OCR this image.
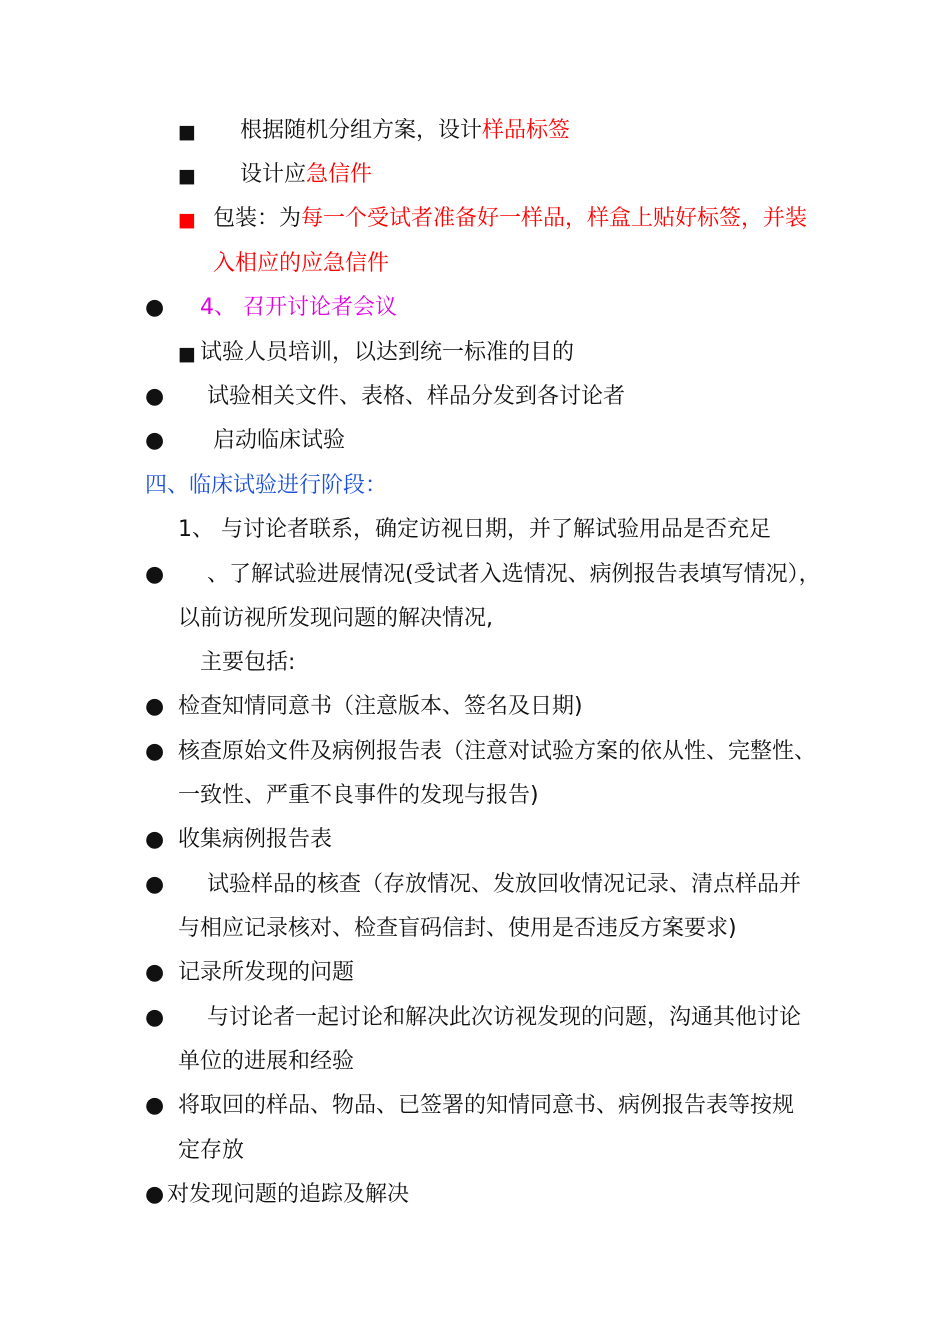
■ 根据随机分组方案，设计样品标签
■ 设计应急信件
■ 包装：为每一个受试者准备好一样品，样盒上贴好标签，并装
入相应的应急信件
● 4、 召开讨论者会议
■ 试验人员培训，以达到统一标准的目的
● 试验相关文件、表格、样品分发到各讨论者
● 启动临床试验
四、临床试验进行阶段：
1、 与讨论者联系，确定访视日期，并了解试验用品是否充足
● 、了解试验进展情况(受试者入选情况、病例报告表填写情况），
以前访视所发现问题的解决情况,
主要包括:
● 检查知情同意书（注意版本、签名及日期)
● 核查原始文件及病例报告表（注意对试验方案的依从性、完整性、
一致性、严重不良事件的发现与报告)
● 收集病例报告表
● 试验样品的核查（存放情况、发放回收情况记录、清点样品并
与相应记录核对、检查盲码信封、使用是否违反方案要求)
● 记录所发现的问题
● 与讨论者一起讨论和解决此次访视发现的问题，沟通其他讨论
单位的进展和经验
● 将取回的样品、物品、已签署的知情同意书、病例报告表等按规
定存放
● 对发现问题的追踪及解决
